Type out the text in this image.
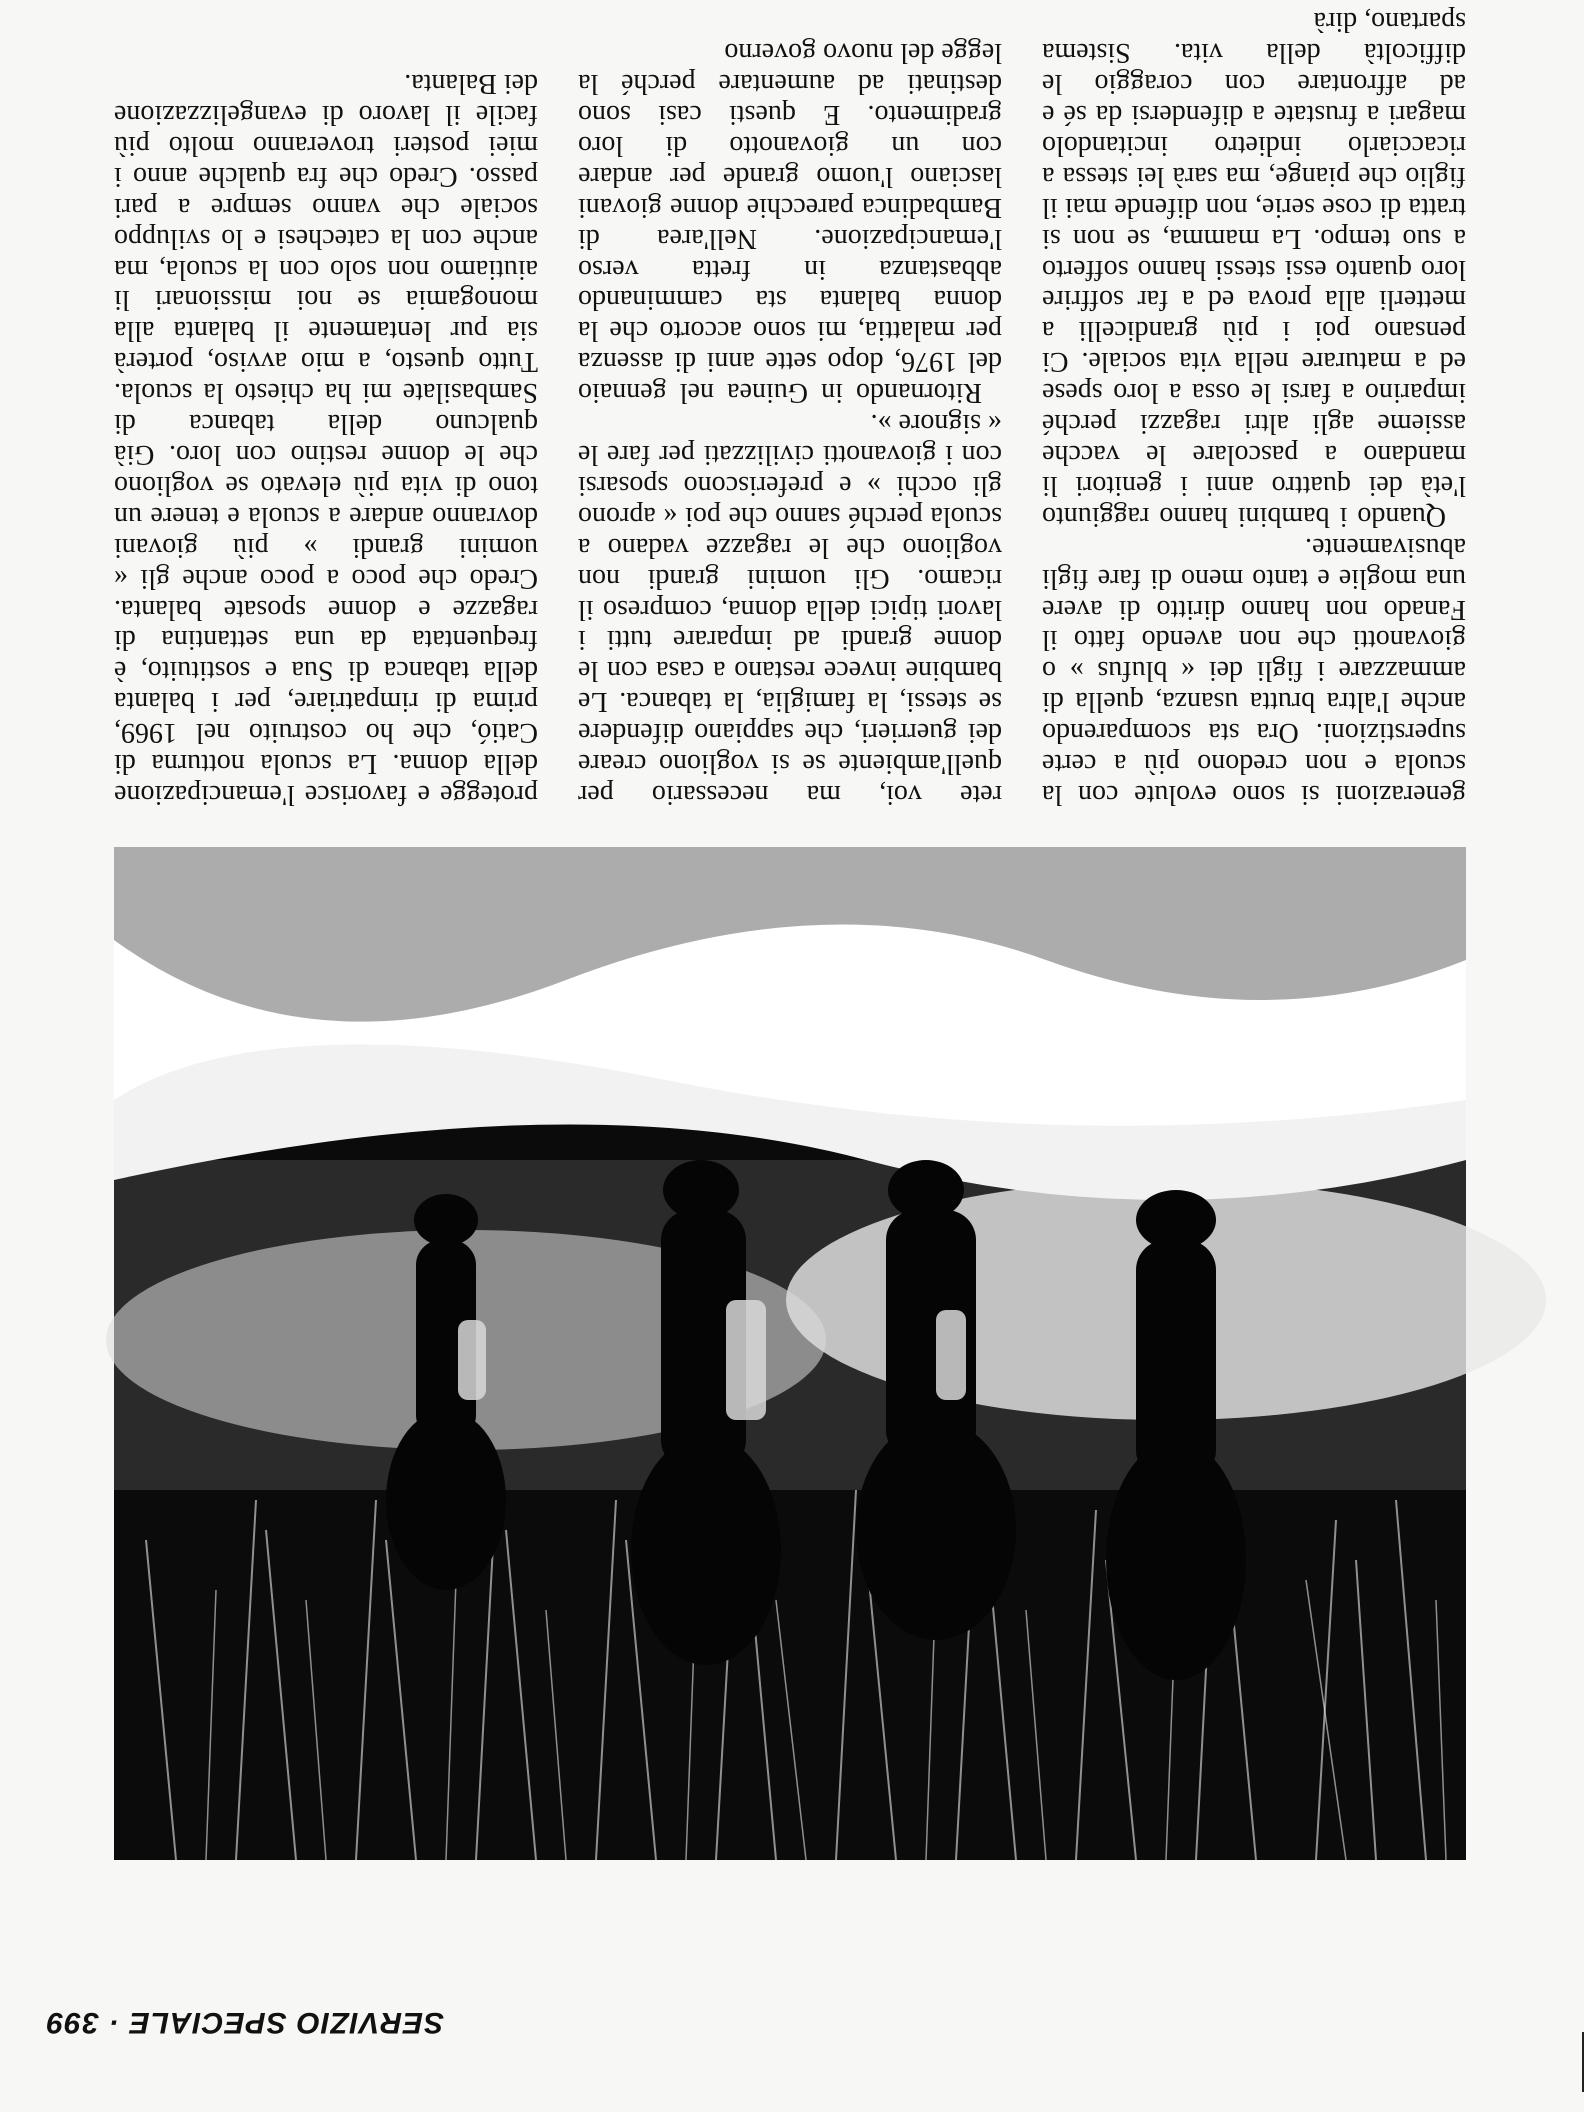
SERVIZIO SPECIALE · 399

generazioni si sono evolute con la scuola e non credono più a certe superstizioni. Ora sta scomparendo anche l'altra brutta usanza, quella di ammazzare i figli dei « blufus » o giovanotti che non avendo fatto il Fanado non hanno diritto di avere una moglie e tanto meno di fare figli abusivamente.

Quando i bambini hanno raggiunto l'età dei quattro anni i genitori li mandano a pascolare le vacche assieme agli altri ragazzi perché imparino a farsi le ossa a loro spese ed a maturare nella vita sociale. Ci pensano poi i più grandicelli a metterli alla prova ed a far soffrire loro quanto essi stessi hanno sofferto a suo tempo. La mamma, se non si tratta di cose serie, non difende mai il figlio che piange, ma sarà lei stessa a ricacciarlo indietro incitandolo magari a frustate a difendersi da sé e ad affrontare con coraggio le difficoltà della vita. Sistema spartano, dirà

rete voi, ma necessario per quell'ambiente se si vogliono creare dei guerrieri, che sappiano difendere se stessi, la famiglia, la tabanca. Le bambine invece restano a casa con le donne grandi ad imparare tutti i lavori tipici della donna, compreso il ricamo. Gli uomini grandi non vogliono che le ragazze vadano a scuola perché sanno che poi « aprono gli occhi » e preferiscono sposarsi con i giovanotti civilizzati per fare le « signore ».

Ritornando in Guinea nel gennaio del 1976, dopo sette anni di assenza per malattia, mi sono accorto che la donna balanta sta camminando abbastanza in fretta verso l'emancipazione. Nell'area di Bambadinca parecchie donne giovani lasciano l'uomo grande per andare con un giovanotto di loro gradimento. E questi casi sono destinati ad aumentare perché la legge del nuovo governo

protegge e favorisce l'emancipazione della donna. La scuola notturna di Catió, che ho costruito nel 1969, prima di rimpatriare, per i balanta della tabanca di Sua e sostituito, è frequentata da una settantina di ragazze e donne sposate balanta. Credo che poco a poco anche gli « uomini grandi » più giovani dovranno andare a scuola e tenere un tono di vita più elevato se vogliono che le donne restino con loro. Già qualcuno della tabanca di Sambasilate mi ha chiesto la scuola. Tutto questo, a mio avviso, porterà sia pur lentamente il balanta alla monogamia se noi missionari li aiutiamo non solo con la scuola, ma anche con la catechesi e lo sviluppo sociale che vanno sempre a pari passo. Credo che fra qualche anno i miei posteri troveranno molto più facile il lavoro di evangelizzazione dei Balanta.
